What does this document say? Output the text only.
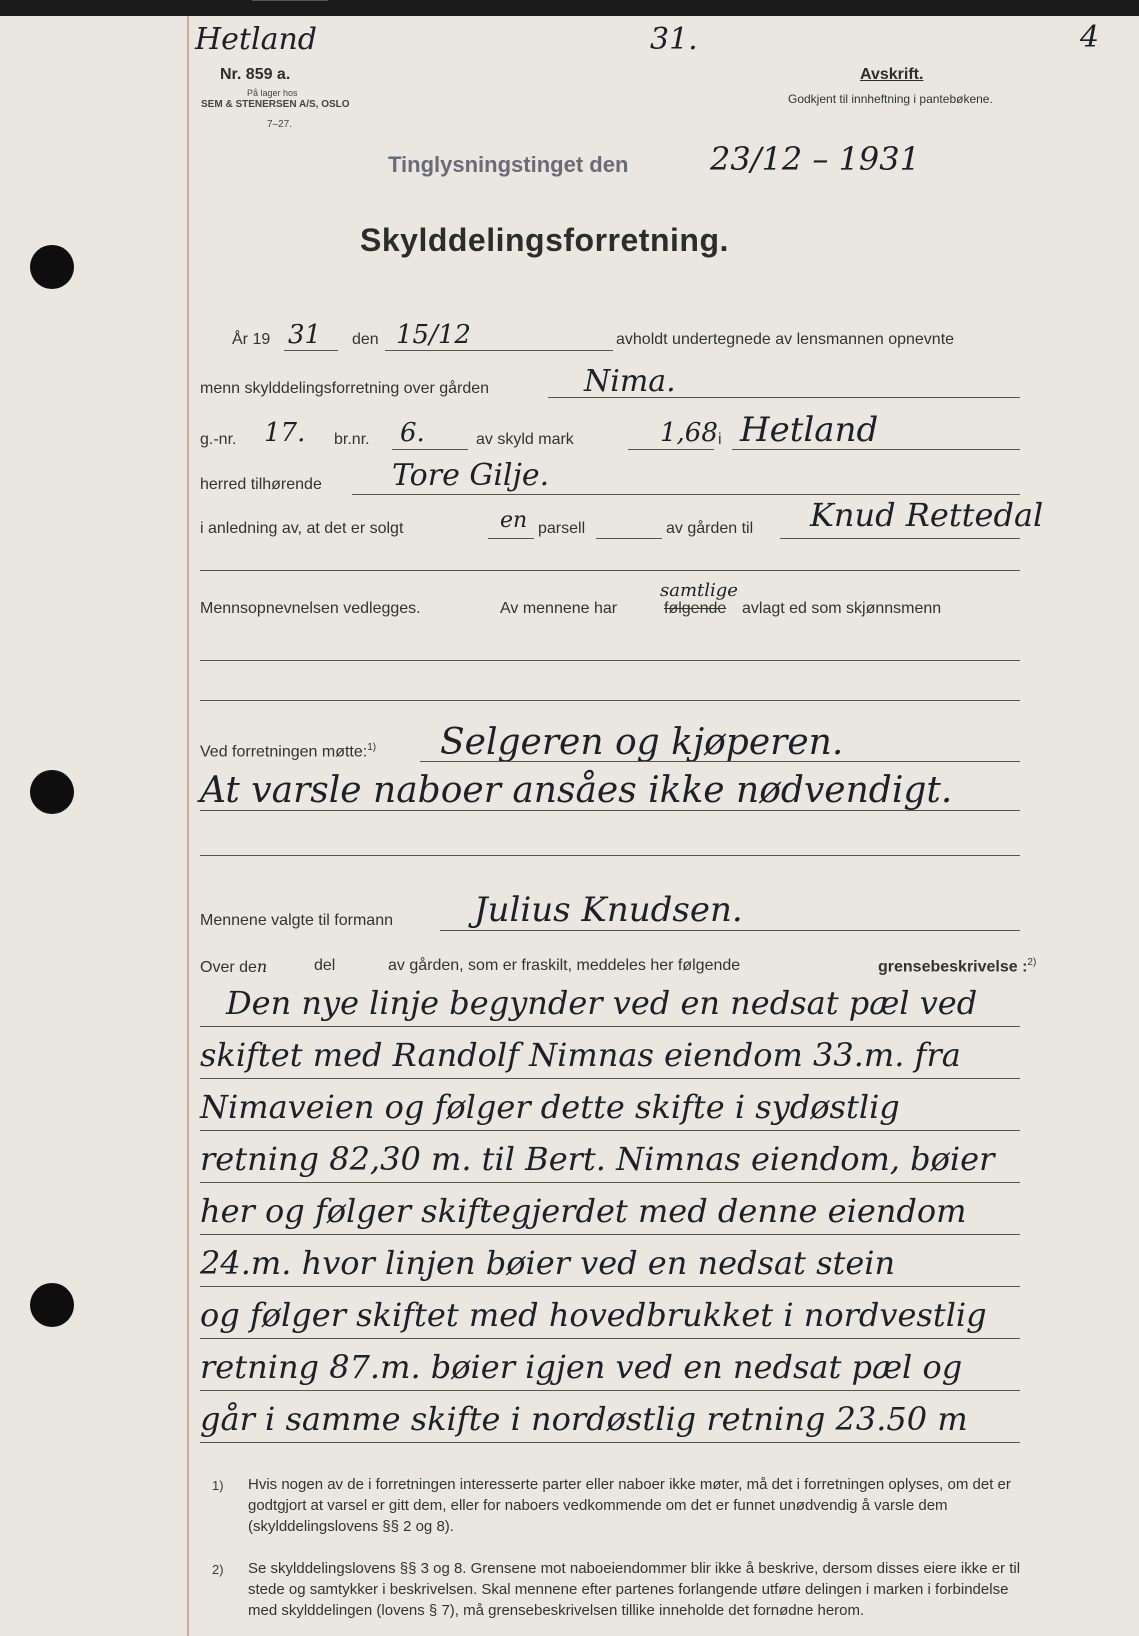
Hetland
Nr. 859 a.
På lager hos
SEM & STENERSEN A/S, OSLO
7–27.
31.	4
Avskrift.
Godkjent til innheftning i pantebøkene.
Tinglysningstinget den	23/12 – 1931
Skylddelingsforretning.
År 19 31 den 15/12	avholdt undertegnede av lensmannen opnevnte
menn skylddelingsforretning over gården	Nima.
g.-nr. 17. br.nr. 6.	av skyld mark	1,68 i Hetland
herred tilhørende Tore Gilje.
i anledning av, at det er solgt	en parsell	av gården til Knud Rettedal
Mennsopnevnelsen vedlegges.	Av mennene har
samtlige
følgende avlagt ed som skjønnsmenn
Ved forretningen møtte:$^{1)}$ Selgeren og kjøperen.
At varsle naboer ansåes ikke nødvendigt.
Mennene valgte til formann Julius Knudsen.
Over den	del	av gården, som er fraskilt, meddeles her følgende	grensebeskrivelse :$^{2)}$
Den nye linje begynder ved en nedsat pæl ved
skiftet med Randolf Nimnas eiendom 33.m. fra
Nimaveien og følger dette skifte i sydøstlig
retning 82,30 m. til Bert. Nimnas eiendom, bøier
her og følger skiftegjerdet med denne eiendom
24.m. hvor linjen bøier ved en nedsat stein
og følger skiftet med hovedbrukket i nordvestlig
retning 87.m. bøier igjen ved en nedsat pæl og
går i samme skifte i nordøstlig retning 23.50 m
1) Hvis nogen av de i forretningen interesserte parter eller naboer ikke møter, må det i forretningen oplyses, om det er godtgjort at varsel er gitt dem, eller for naboers vedkommende om det er funnet unødvendig å varsle dem (skylddelingslovens §§ 2 og 8).
2) Se skylddelingslovens §§ 3 og 8. Grensene mot naboeiendommer blir ikke å beskrive, dersom disses eiere ikke er til stede og samtykker i beskrivelsen. Skal mennene efter partenes forlangende utføre delingen i marken i forbindelse med skylddelingen (lovens § 7), må grensebeskrivelsen tillike inneholde det fornødne herom.
